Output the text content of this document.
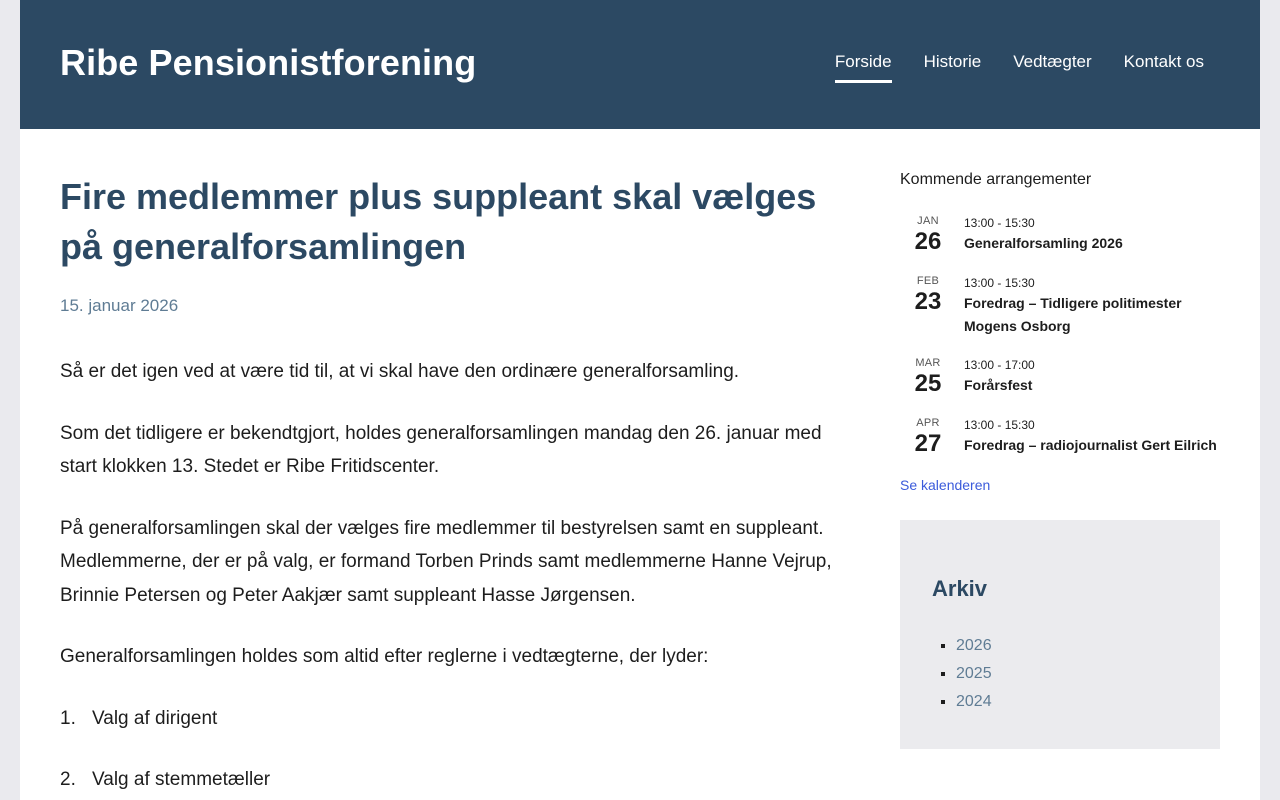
Ribe Pensionistforening	Forside Historie Vedtægter Kontakt os
Fire medlemmer plus suppleant skal vælges på generalforsamlingen
15. januar 2026

Så er det igen ved at være tid til, at vi skal have den ordinære generalforsamling.

Som det tidligere er bekendtgjort, holdes generalforsamlingen mandag den 26. januar med start klokken 13. Stedet er Ribe Fritidscenter.

På generalforsamlingen skal der vælges fire medlemmer til bestyrelsen samt en suppleant. Medlemmerne, der er på valg, er formand Torben Prinds samt medlemmerne Hanne Vejrup, Brinnie Petersen og Peter Aakjær samt suppleant Hasse Jørgensen.

Generalforsamlingen holdes som altid efter reglerne i vedtægterne, der lyder:

1. Valg af dirigent
2. Valg af stemmetæller
Kommende arrangementer
JAN
26
13:00 - 15:30
Generalforsamling 2026
FEB
23
13:00 - 15:30
Foredrag – Tidligere politimester Mogens Osborg
MAR
25
13:00 - 17:00
Forårsfest
APR
27
13:00 - 15:30
Foredrag – radiojournalist Gert Eilrich
Se kalenderen
Arkiv
▪ 2026
▪ 2025
▪ 2024
